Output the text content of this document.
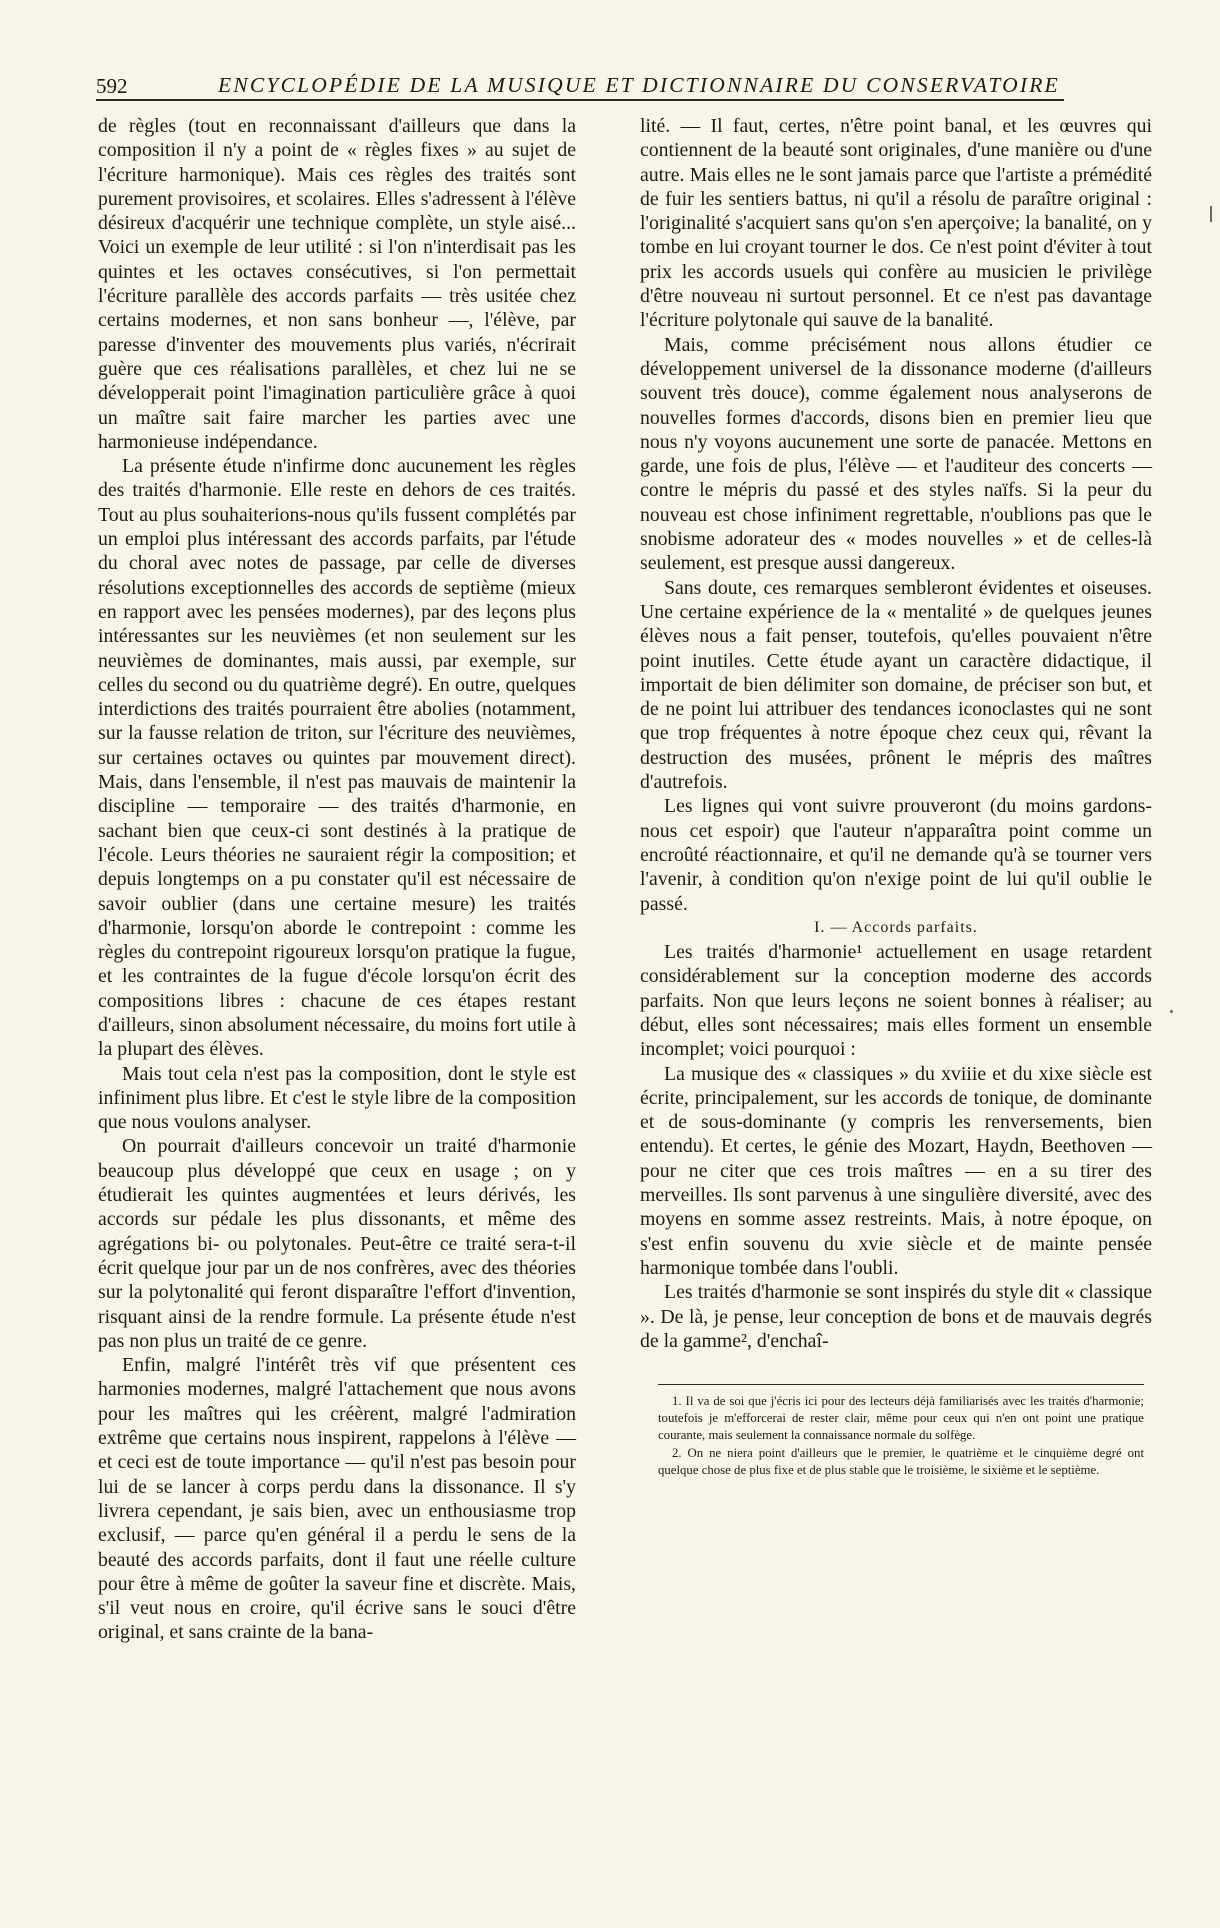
592	ENCYCLOPÉDIE DE LA MUSIQUE ET DICTIONNAIRE DU CONSERVATOIRE

de règles (tout en reconnaissant d'ailleurs que dans la composition il n'y a point de « règles fixes » au sujet de l'écriture harmonique). Mais ces règles des traités sont purement provisoires, et scolaires. Elles s'adressent à l'élève désireux d'acquérir une technique complète, un style aisé... Voici un exemple de leur utilité : si l'on n'interdisait pas les quintes et les octaves consécutives, si l'on permettait l'écriture parallèle des accords parfaits — très usitée chez certains modernes, et non sans bonheur —, l'élève, par paresse d'inventer des mouvements plus variés, n'écrirait guère que ces réalisations parallèles, et chez lui ne se développerait point l'imagination particulière grâce à quoi un maître sait faire marcher les parties avec une harmonieuse indépendance.

La présente étude n'infirme donc aucunement les règles des traités d'harmonie. Elle reste en dehors de ces traités. Tout au plus souhaiterions-nous qu'ils fussent complétés par un emploi plus intéressant des accords parfaits, par l'étude du choral avec notes de passage, par celle de diverses résolutions exceptionnelles des accords de septième (mieux en rapport avec les pensées modernes), par des leçons plus intéressantes sur les neuvièmes (et non seulement sur les neuvièmes de dominantes, mais aussi, par exemple, sur celles du second ou du quatrième degré). En outre, quelques interdictions des traités pourraient être abolies (notamment, sur la fausse relation de triton, sur l'écriture des neuvièmes, sur certaines octaves ou quintes par mouvement direct). Mais, dans l'ensemble, il n'est pas mauvais de maintenir la discipline — temporaire — des traités d'harmonie, en sachant bien que ceux-ci sont destinés à la pratique de l'école. Leurs théories ne sauraient régir la composition; et depuis longtemps on a pu constater qu'il est nécessaire de savoir oublier (dans une certaine mesure) les traités d'harmonie, lorsqu'on aborde le contrepoint : comme les règles du contrepoint rigoureux lorsqu'on pratique la fugue, et les contraintes de la fugue d'école lorsqu'on écrit des compositions libres : chacune de ces étapes restant d'ailleurs, sinon absolument nécessaire, du moins fort utile à la plupart des élèves.

Mais tout cela n'est pas la composition, dont le style est infiniment plus libre. Et c'est le style libre de la composition que nous voulons analyser.

On pourrait d'ailleurs concevoir un traité d'harmonie beaucoup plus développé que ceux en usage ; on y étudierait les quintes augmentées et leurs dérivés, les accords sur pédale les plus dissonants, et même des agrégations bi- ou polytonales. Peut-être ce traité sera-t-il écrit quelque jour par un de nos confrères, avec des théories sur la polytonalité qui feront disparaître l'effort d'invention, risquant ainsi de la rendre formule. La présente étude n'est pas non plus un traité de ce genre.

Enfin, malgré l'intérêt très vif que présentent ces harmonies modernes, malgré l'attachement que nous avons pour les maîtres qui les créèrent, malgré l'admiration extrême que certains nous inspirent, rappelons à l'élève — et ceci est de toute importance — qu'il n'est pas besoin pour lui de se lancer à corps perdu dans la dissonance. Il s'y livrera cependant, je sais bien, avec un enthousiasme trop exclusif, — parce qu'en général il a perdu le sens de la beauté des accords parfaits, dont il faut une réelle culture pour être à même de goûter la saveur fine et discrète. Mais, s'il veut nous en croire, qu'il écrive sans le souci d'être original, et sans crainte de la bana-

lité. — Il faut, certes, n'être point banal, et les œuvres qui contiennent de la beauté sont originales, d'une manière ou d'une autre. Mais elles ne le sont jamais parce que l'artiste a prémédité de fuir les sentiers battus, ni qu'il a résolu de paraître original : l'originalité s'acquiert sans qu'on s'en aperçoive; la banalité, on y tombe en lui croyant tourner le dos. Ce n'est point d'éviter à tout prix les accords usuels qui confère au musicien le privilège d'être nouveau ni surtout personnel. Et ce n'est pas davantage l'écriture polytonale qui sauve de la banalité.

Mais, comme précisément nous allons étudier ce développement universel de la dissonance moderne (d'ailleurs souvent très douce), comme également nous analyserons de nouvelles formes d'accords, disons bien en premier lieu que nous n'y voyons aucunement une sorte de panacée. Mettons en garde, une fois de plus, l'élève — et l'auditeur des concerts — contre le mépris du passé et des styles naïfs. Si la peur du nouveau est chose infiniment regrettable, n'oublions pas que le snobisme adorateur des « modes nouvelles » et de celles-là seulement, est presque aussi dangereux.

Sans doute, ces remarques sembleront évidentes et oiseuses. Une certaine expérience de la « mentalité » de quelques jeunes élèves nous a fait penser, toutefois, qu'elles pouvaient n'être point inutiles. Cette étude ayant un caractère didactique, il importait de bien délimiter son domaine, de préciser son but, et de ne point lui attribuer des tendances iconoclastes qui ne sont que trop fréquentes à notre époque chez ceux qui, rêvant la destruction des musées, prônent le mépris des maîtres d'autrefois.

Les lignes qui vont suivre prouveront (du moins gardons-nous cet espoir) que l'auteur n'apparaîtra point comme un encroûté réactionnaire, et qu'il ne demande qu'à se tourner vers l'avenir, à condition qu'on n'exige point de lui qu'il oublie le passé.

I. — Accords parfaits.

Les traités d'harmonie¹ actuellement en usage retardent considérablement sur la conception moderne des accords parfaits. Non que leurs leçons ne soient bonnes à réaliser; au début, elles sont nécessaires; mais elles forment un ensemble incomplet; voici pourquoi :

La musique des « classiques » du xviiie et du xixe siècle est écrite, principalement, sur les accords de tonique, de dominante et de sous-dominante (y compris les renversements, bien entendu). Et certes, le génie des Mozart, Haydn, Beethoven — pour ne citer que ces trois maîtres — en a su tirer des merveilles. Ils sont parvenus à une singulière diversité, avec des moyens en somme assez restreints. Mais, à notre époque, on s'est enfin souvenu du xvie siècle et de mainte pensée harmonique tombée dans l'oubli.

Les traités d'harmonie se sont inspirés du style dit « classique ». De là, je pense, leur conception de bons et de mauvais degrés de la gamme², d'enchaî-

1. Il va de soi que j'écris ici pour des lecteurs déjà familiarisés avec les traités d'harmonie; toutefois je m'efforcerai de rester clair, même pour ceux qui n'en ont point une pratique courante, mais seulement la connaissance normale du solfège.

2. On ne niera point d'ailleurs que le premier, le quatrième et le cinquième degré ont quelque chose de plus fixe et de plus stable que le troisième, le sixième et le septième.
